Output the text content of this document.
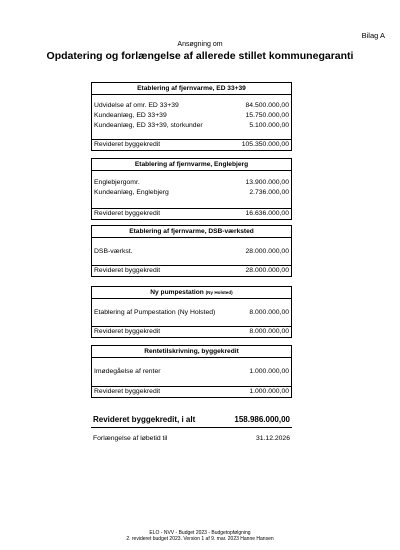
Bilag A
Ansøgning om
Opdatering og forlængelse af allerede stillet kommunegaranti
Etablering af fjernvarme, ED 33+39
Udvidelse af omr. ED 33+39	84.500.000,00
Kundeanlæg, ED 33+39	15.750.000,00
Kundeanlæg, ED 33+39, storkunder	5.100.000,00
Revideret byggekredit	105.350.000,00
Etablering af fjernvarme, Englebjerg
Englebjergomr.	13.900.000,00
Kundeanlæg, Englebjerg	2.736.000,00
Revideret byggekredit	16.636.000,00
Etablering af fjernvarme, DSB-værksted
DSB-værkst.	28.000.000,00
Revideret byggekredit	28.000.000,00
Ny pumpestation (Ny Holsted)
Etablering af Pumpestation (Ny Holsted)	8.000.000,00
Revideret byggekredit	8.000.000,00
Rentetilskrivning, byggekredit
Imødegåelse af renter	1.000.000,00
Revideret byggekredit	1.000.000,00
Revideret byggekredit, i alt	158.986.000,00
Forlængelse af løbetid til	31.12.2026
ELO - NVV - Budget 2023 - Budgetopfølgning
2. revideret budget 2023. Version 1 af 9. mar. 2023 Hanne Hansen
